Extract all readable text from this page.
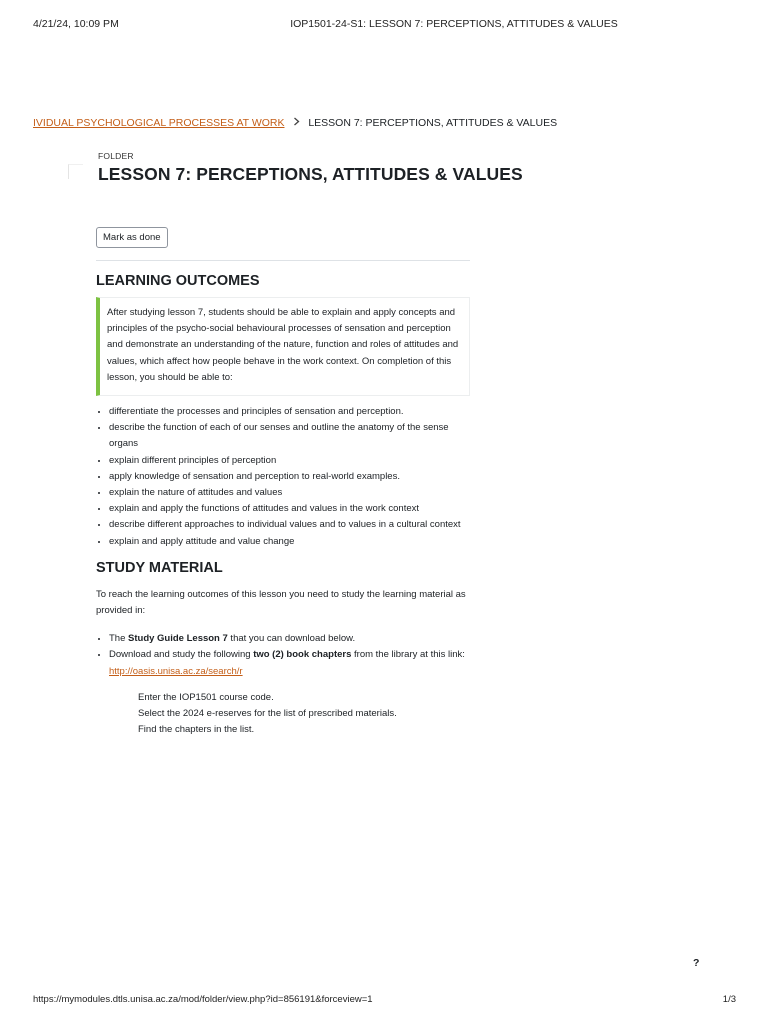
4/21/24, 10:09 PM	IOP1501-24-S1: LESSON 7: PERCEPTIONS, ATTITUDES & VALUES
IVIDUAL PSYCHOLOGICAL PROCESSES AT WORK LESSON 7: PERCEPTIONS, ATTITUDES & VALUES
FOLDER
LESSON 7: PERCEPTIONS, ATTITUDES & VALUES
Mark as done
LEARNING OUTCOMES
After studying lesson 7, students should be able to explain and apply concepts and principles of the psycho-social behavioural processes of sensation and perception and demonstrate an understanding of the nature, function and roles of attitudes and values, which affect how people behave in the work context. On completion of this lesson, you should be able to:
• differentiate the processes and principles of sensation and perception.
• describe the function of each of our senses and outline the anatomy of the sense organs
• explain different principles of perception
• apply knowledge of sensation and perception to real-world examples.
• explain the nature of attitudes and values
• explain and apply the functions of attitudes and values in the work context
• describe different approaches to individual values and to values in a cultural context
• explain and apply attitude and value change
STUDY MATERIAL

To reach the learning outcomes of this lesson you need to study the learning material as provided in:

• The Study Guide Lesson 7 that you can download below.
• Download and study the following two (2) book chapters from the library at this link: http://oasis.unisa.ac.za/search/r
Enter the IOP1501 course code.
Select the 2024 e-reserves for the list of prescribed materials.
Find the chapters in the list.
?
https://mymodules.dtls.unisa.ac.za/mod/folder/view.php?id=856191&forceview=1	1/3
